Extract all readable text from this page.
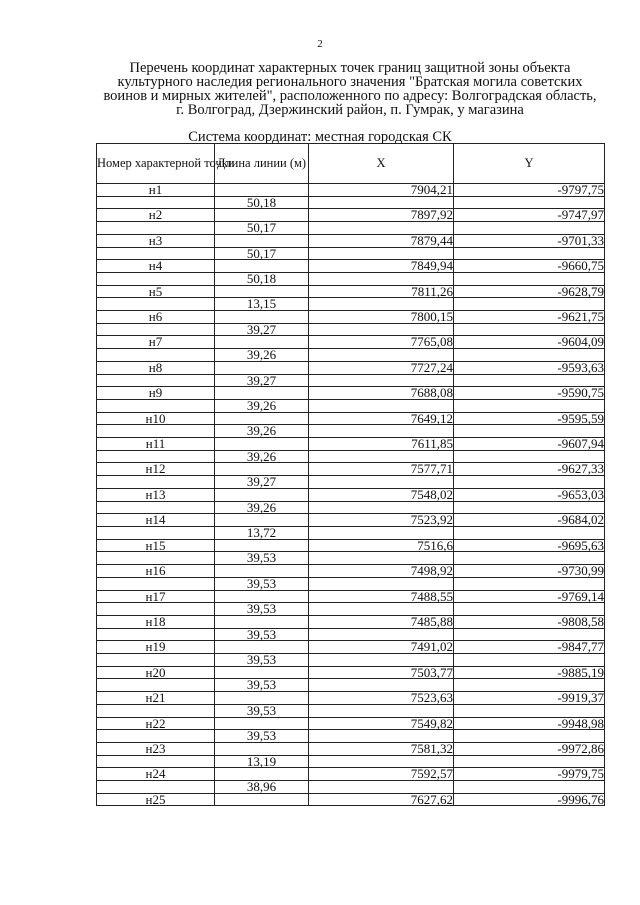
2
Перечень координат характерных точек границ защитной зоны объекта
культурного наследия регионального значения "Братская могила советских
воинов и мирных жителей", расположенного по адресу: Волгоградская область,
г. Волгоград, Дзержинский район, п. Гумрак, у магазина
Система координат: местная городская СК
Номер характерной точки	Длина линии (м)	X	Y
н1		7904,21	-9797,75
	50,18		
н2		7897,92	-9747,97
	50,17		
н3		7879,44	-9701,33
	50,17		
н4		7849,94	-9660,75
	50,18		
н5		7811,26	-9628,79
	13,15		
н6		7800,15	-9621,75
	39,27		
н7		7765,08	-9604,09
	39,26		
н8		7727,24	-9593,63
	39,27		
н9		7688,08	-9590,75
	39,26		
н10		7649,12	-9595,59
	39,26		
н11		7611,85	-9607,94
	39,26		
н12		7577,71	-9627,33
	39,27		
н13		7548,02	-9653,03
	39,26		
н14		7523,92	-9684,02
	13,72		
н15		7516,6	-9695,63
	39,53		
н16		7498,92	-9730,99
	39,53		
н17		7488,55	-9769,14
	39,53		
н18		7485,88	-9808,58
	39,53		
н19		7491,02	-9847,77
	39,53		
н20		7503,77	-9885,19
	39,53		
н21		7523,63	-9919,37
	39,53		
н22		7549,82	-9948,98
	39,53		
н23		7581,32	-9972,86
	13,19		
н24		7592,57	-9979,75
	38,96		
н25		7627,62	-9996,76
